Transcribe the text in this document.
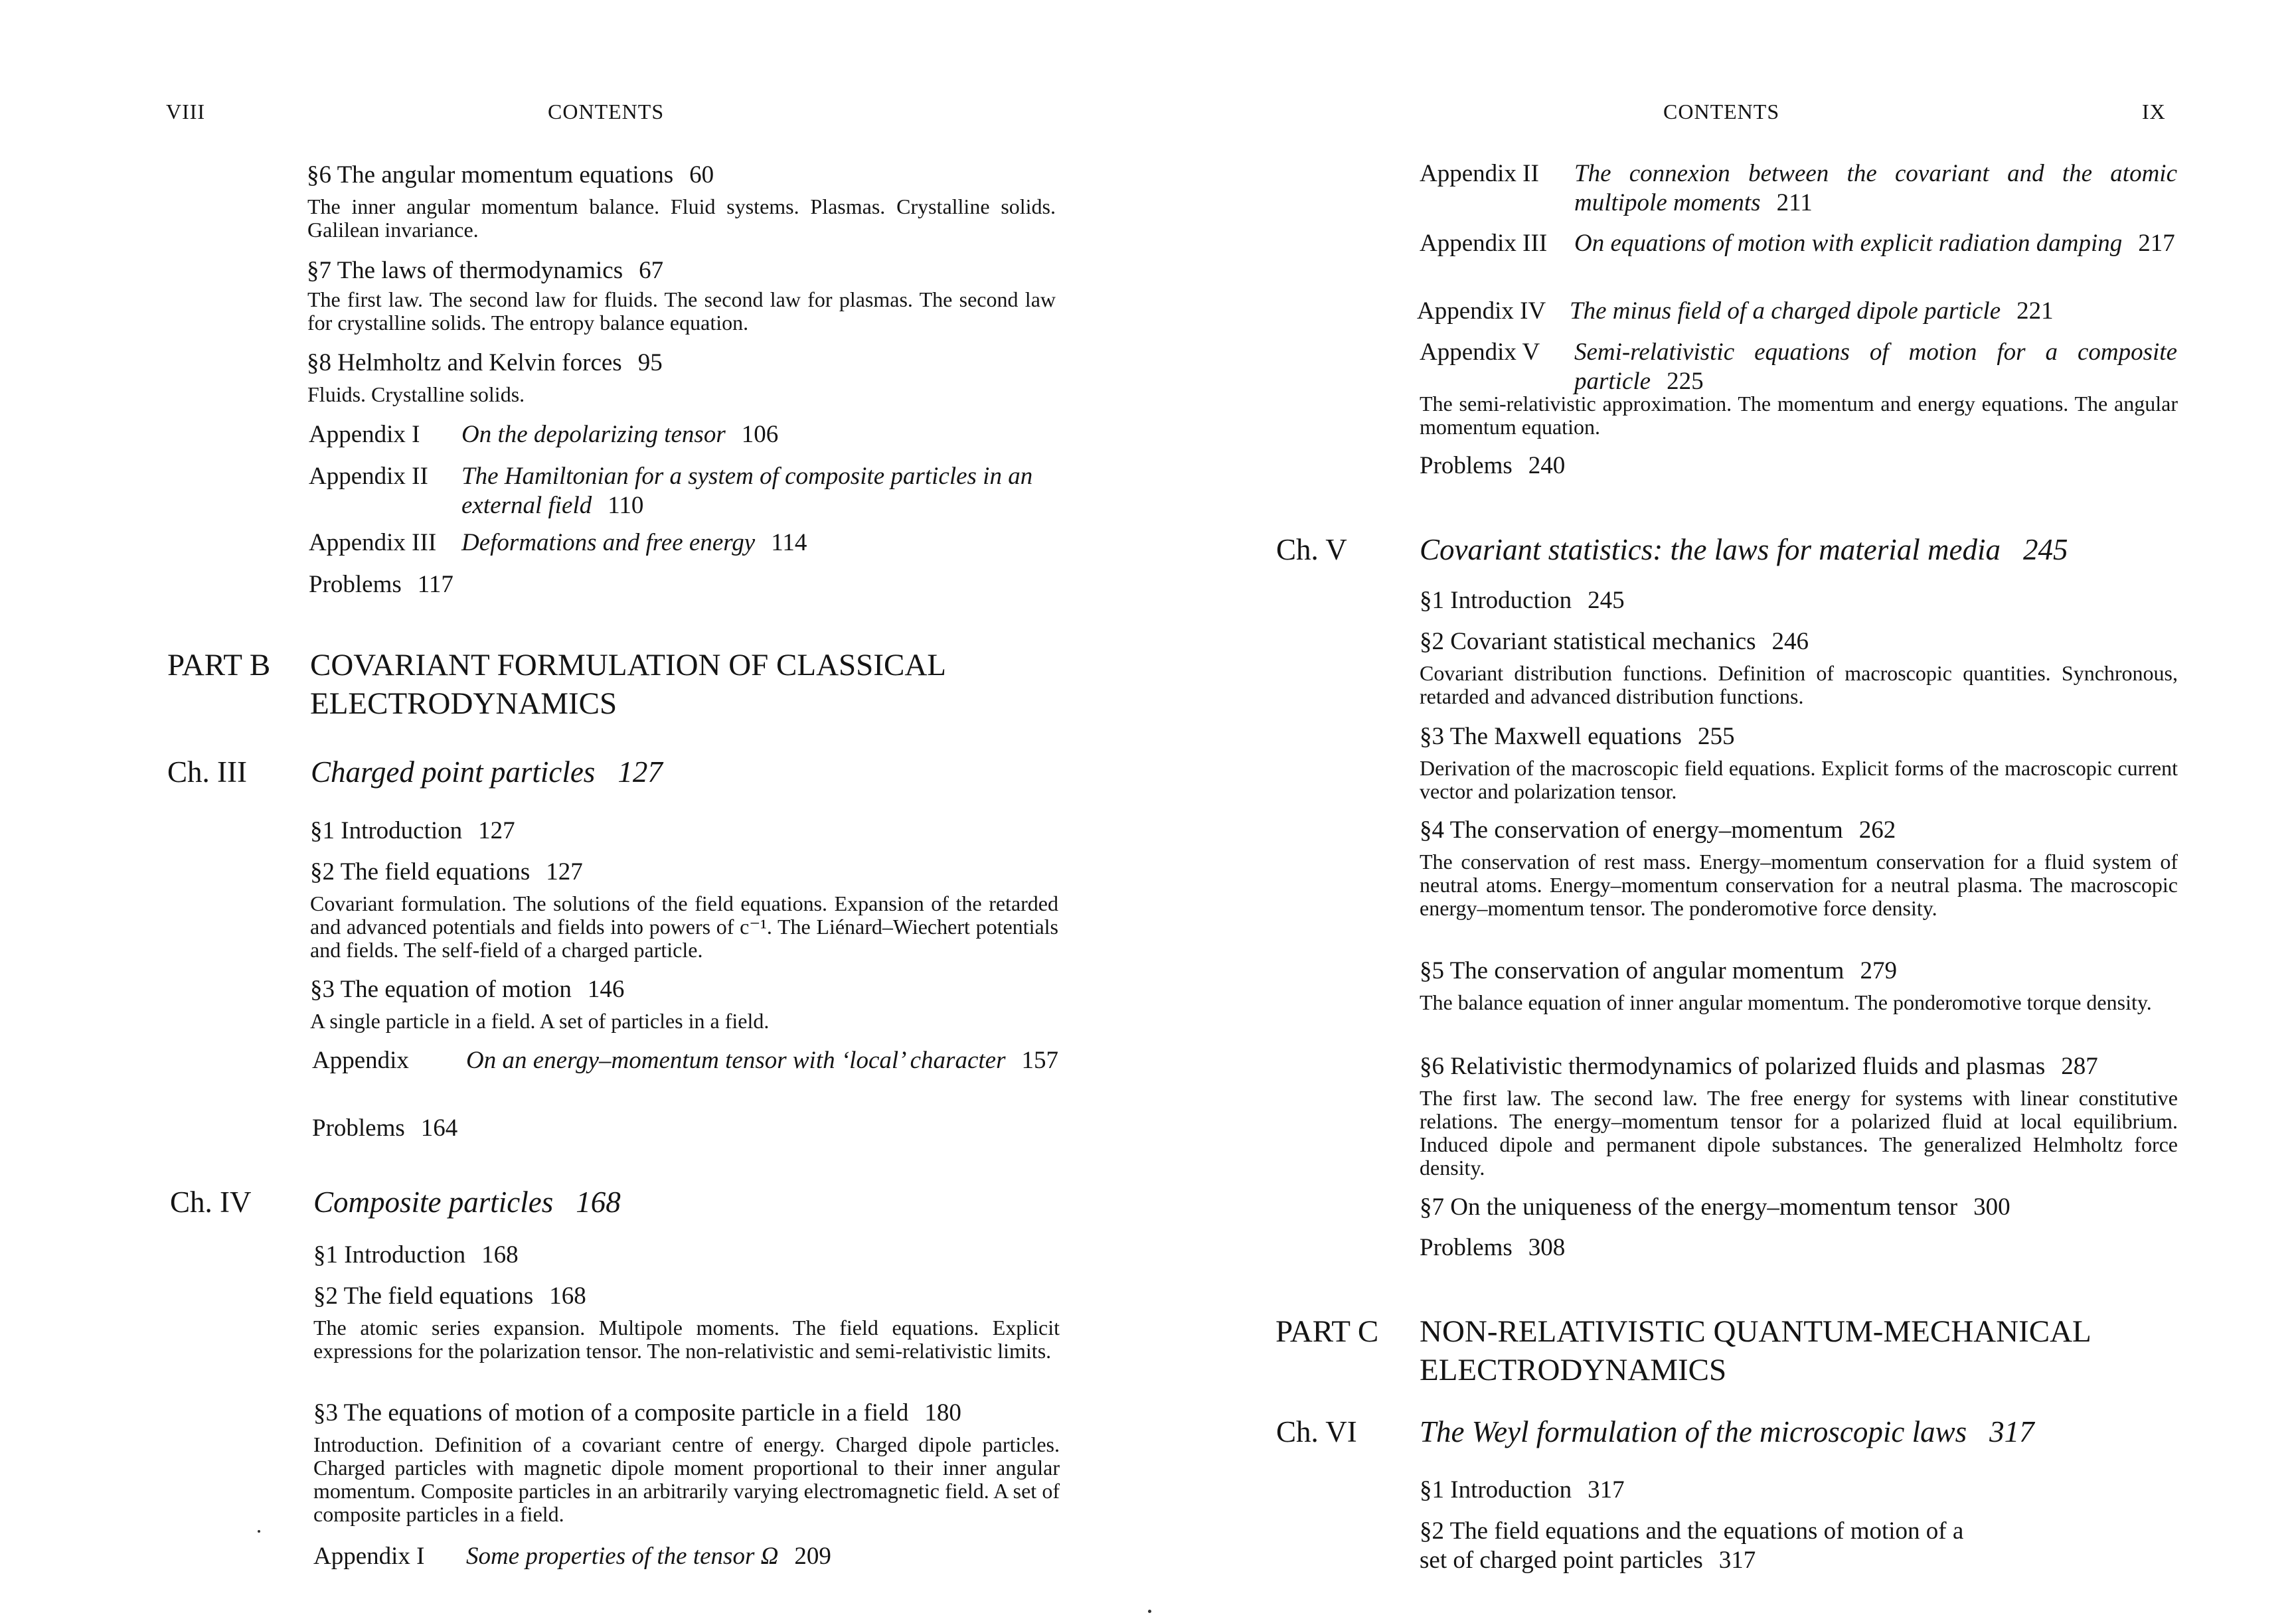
VIII	CONTENTS
§6 The angular momentum equations 60
The inner angular momentum balance. Fluid systems. Plasmas. Crystalline solids. Galilean invariance.
§7 The laws of thermodynamics 67
The first law. The second law for fluids. The second law for plasmas. The second law for crystalline solids. The entropy balance equation.
§8 Helmholtz and Kelvin forces 95
Fluids. Crystalline solids.
Appendix I On the depolarizing tensor 106
Appendix II The Hamiltonian for a system of composite particles in an external field 110
Appendix III Deformations and free energy 114
Problems 117
PART B COVARIANT FORMULATION OF CLASSICAL ELECTRODYNAMICS
Ch. III Charged point particles 127
§1 Introduction 127
§2 The field equations 127
Covariant formulation. The solutions of the field equations. Expansion of the retarded and advanced potentials and fields into powers of c⁻¹. The Liénard–Wiechert potentials and fields. The self-field of a charged particle.
§3 The equation of motion 146
A single particle in a field. A set of particles in a field.
Appendix On an energy–momentum tensor with ‘local’ character 157
Problems 164
Ch. IV Composite particles 168
§1 Introduction 168
§2 The field equations 168
The atomic series expansion. Multipole moments. The field equations. Explicit expressions for the polarization tensor. The non-relativistic and semi-relativistic limits.
§3 The equations of motion of a composite particle in a field 180
Introduction. Definition of a covariant centre of energy. Charged dipole particles. Charged particles with magnetic dipole moment proportional to their inner angular momentum. Composite particles in an arbitrarily varying electromagnetic field. A set of composite particles in a field.
Appendix I Some properties of the tensor Ω 209
CONTENTS	IX
Appendix II The connexion between the covariant and the atomic multipole moments 211
Appendix III On equations of motion with explicit radiation damping 217
Appendix IV The minus field of a charged dipole particle 221
Appendix V Semi-relativistic equations of motion for a composite particle 225
The semi-relativistic approximation. The momentum and energy equations. The angular momentum equation.
Problems 240
Ch. V Covariant statistics: the laws for material media 245
§1 Introduction 245
§2 Covariant statistical mechanics 246
Covariant distribution functions. Definition of macroscopic quantities. Synchronous, retarded and advanced distribution functions.
§3 The Maxwell equations 255
Derivation of the macroscopic field equations. Explicit forms of the macroscopic current vector and polarization tensor.
§4 The conservation of energy–momentum 262
The conservation of rest mass. Energy–momentum conservation for a fluid system of neutral atoms. Energy–momentum conservation for a neutral plasma. The macroscopic energy–momentum tensor. The ponderomotive force density.
§5 The conservation of angular momentum 279
The balance equation of inner angular momentum. The ponderomotive torque density.
§6 Relativistic thermodynamics of polarized fluids and plasmas 287
The first law. The second law. The free energy for systems with linear constitutive relations. The energy–momentum tensor for a polarized fluid at local equilibrium. Induced dipole and permanent dipole substances. The generalized Helmholtz force density.
§7 On the uniqueness of the energy–momentum tensor 300
Problems 308
PART C NON-RELATIVISTIC QUANTUM-MECHANICAL ELECTRODYNAMICS
Ch. VI The Weyl formulation of the microscopic laws 317
§1 Introduction 317
§2 The field equations and the equations of motion of a set of charged point particles 317
